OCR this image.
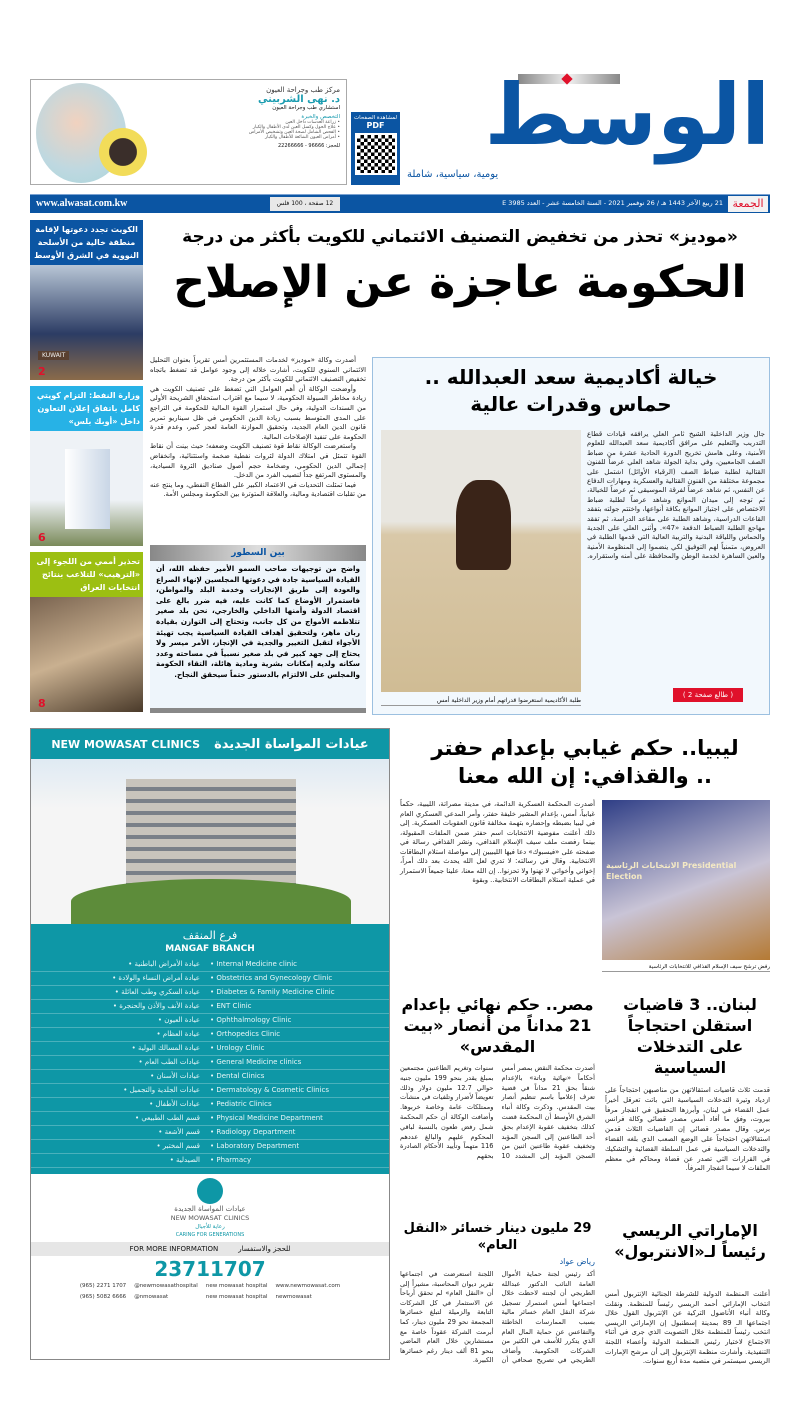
مركز طب وجراحة العيون
د. نهى الشربيني
استشاري طب وجراحة العيون
التخصص والخبرة
• زراعة العدسات داخل العين
• علاج الحول وكسل العين لدى الأطفال والكبار
• الفحص الشامل لصحة العين وتشخيص الأمراض
• أمراض العيون الشائعة للأطفال والكبار
للحجز: 96666 - 22266666
لمشاهدة الصفحات
PDF الوسط
يومية، سياسية، شاملة
www.alwasat.com.kw	12 صفحة ، 100 فلس	21 ربيع الآخر 1443 هـ / 26 نوفمبر 2021 - السنة الخامسة عشر - العدد E 3985 الجمعة
الكويت تجدد دعوتها لإقامة منطقة خالية من الأسلحة النووية في الشرق الأوسط
KUWAIT
2
وزارة النفط: التزام كويتي كامل باتفاق إعلان التعاون داخل «أوبك بلس»
6
تحذير أممي من اللجوء إلى «الترهيب» للتلاعب بنتائج انتخابات العراق
8
«موديز» تحذر من تخفيض التصنيف الائتماني للكويت بأكثر من درجة
الحكومة عاجزة عن الإصلاح

أصدرت وكالة «موديز» لخدمات المستثمرين أمس تقريراً بعنوان التحليل الائتماني السنوي للكويت، أشارت خلاله إلى وجود عوامل قد تضغط باتجاه تخفيض التصنيف الائتماني للكويت بأكثر من درجة.

وأوضحت الوكالة أن أهم العوامل التي تضغط على تصنيف الكويت هي زيادة مخاطر السيولة الحكومية، لا سيما مع اقتراب استحقاق الشريحة الأولى من السندات الدولية، وفي حال استمرار القوة المالية للحكومة في التراجع على المدى المتوسط بسبب زيادة الدين الحكومي في ظل سيناريو تمرير قانون الدين العام الجديد، وتحقيق الموازنة العامة لعجز كبير، وعدم قدرة الحكومة على تنفيذ الإصلاحات المالية.

واستعرضت الوكالة نقاط قوة تصنيف الكويت وضعفه؛ حيث بينت أن نقاط القوة تتمثل في امتلاك الدولة لثروات نفطية ضخمة واستثنائية، وانخفاض إجمالي الدين الحكومي، وضخامة حجم أصول صناديق الثروة السيادية، والمستوى المرتفع جداً لنصيب الفرد من الدخل.

فيما تمثلت التحديات في الاعتماد الكبير على القطاع النفطي، وما ينتج عنه من تقلبات اقتصادية ومالية، والعلاقة المتوترة بين الحكومة ومجلس الأمة.

بين السطور
واضح من توجيهات صاحب السمو الأمير حفظه الله، أن القيادة السياسية جادة في دعوتها المجلسين لإنهاء الصراع والعودة إلى طريق الإنجازات وخدمة البلد والمواطن، فاستمرار الأوضاع كما كانت عليه، فيه ضرر بالغ على اقتصاد الدولة وأمنها الداخلي والخارجي، نحن بلد صغير تتلاطمه الأمواج من كل جانب، وتحتاج إلى التوازن بقيادة ربان ماهر، ولتحقيق أهداف القيادة السياسية يجب تهيئة الأجواء لتقبل التغيير والجدية في الإنجاز، الأمر ميسر ولا يحتاج إلى جهد كبير في بلد صغير نسبياً في مساحته وعدد سكانه ولديه إمكانات بشرية ومادية هائلة، التقاء الحكومة والمجلس على الالتزام بالدستور حتماً سيحقق النجاح.
خيالة أكاديمية سعد العبدالله ..
حماس وقدرات عالية
طلبة الأكاديمية استعرضوا قدراتهم أمام وزير الداخلية أمس
جال وزير الداخلية الشيخ ثامر العلي يرافقه قيادات قطاع التدريب والتعليم على مرافق أكاديمية سعد العبدالله للعلوم الأمنية، وعلى هامش تخريج الدورة الحادية عشرة من ضباط الصف الجامعيين، وفي بداية الجولة شاهد العلي عرضاً للفنون القتالية لطلبة ضباط الصف (الرقباء الأوائل) اشتمل على مجموعة مختلفة من الفنون القتالية والعسكرية ومهارات الدفاع عن النفس، ثم شاهد عرضاً لفرقة الموسيقى ثم عرضاً للخيالة، ثم توجه إلى ميدان الموانع وشاهد عرضاً لطلبة ضباط الاختصاص على اجتياز الموانع بكافة أنواعها، واختتم جولته بتفقد القاعات الدراسية، وشاهد الطلبة على مقاعد الدراسة، ثم تفقد مهاجع الطلبة الضباط الدفعة «47». وأثنى العلي على الجدية والحماس واللياقة البدنية والتربية العالية التي قدمها الطلبة في العروض، متمنياً لهم التوفيق لكي ينضموا إلى المنظومة الأمنية والعين الساهرة لخدمة الوطن والمحافظة على أمنه واستقراره.
( طالع صفحة 2 )
NEW MOWASAT CLINICS عيادات المواساة الجديدة
فرع المنقف
MANGAF BRANCH
عيادة الأمراض الباطنية • • Internal Medicine clinic
عيادة أمراض النساء والولادة • • Obstetrics and Gynecology Clinic
عيادة السكري وطب العائلة • • Diabetes & Family Medicine Clinic
عيادة الأنف والأذن والحنجرة • • ENT Clinic
عيادة العيون • • Ophthalmology Clinic
عيادة العظام • • Orthopedics Clinic
عيادة المسالك البولية • • Urology Clinic
عيادات الطب العام • • General Medicine clinics
عيادات الأسنان • • Dental Clinics
عيادات الجلدية والتجميل • • Dermatology & Cosmetic Clinics
عيادات الأطفال • • Pediatric Clinics
قسم الطب الطبيعي • • Physical Medicine Department
قسم الأشعة • • Radiology Department
قسم المختبر • • Laboratory Department
الصيدلية • • Pharmacy
عيادات المواساة الجديدة
NEW MOWASAT CLINICS
رعاية للأجيال
CARING FOR GENERATIONS
FOR MORE INFORMATION	للحجز والاستفسار
23711707
(965) 2271 1707 @newmowasathospital new mowasat hospital www.newmowasat.com
(965) 5082 6666 @nmowasat	new mowasat hospital newmowasat
ليبيا.. حكم غيابي بإعدام حفتر
.. والقذافي: إن الله معنا
أصدرت المحكمة العسكرية الدائمة، في مدينة مصراتة، الليبية، حكماً غيابياً، أمس، بإعدام المشير خليفة حفتر، وأمر المدعي العسكري العام في ليبيا بضبطه وإحضاره بتهمة مخالفة قانون العقوبات العسكرية. إلى ذلك أعلنت مفوضية الانتخابات اسم حفتر ضمن الملفات المقبولة، بينما رفضت ملف سيف الإسلام القذافي، ونشر القذافي رسالة في صفحته على «فيسبوك» دعا فيها الليبيين إلى مواصلة استلام البطاقات الانتخابية. وقال في رسالته: لا تدري لعل الله يحدث بعد ذلك أمراً، إخواني وأخواتي لا تهنوا ولا تحزنوا.. إن الله معنا، علينا جميعاً الاستمرار في عملية استلام البطاقات الانتخابية.. وبقوة
الانتخابات الرئاسية Presidential Election
رفض ترشح سيف الإسلام القذافي للانتخابات الرئاسية
مصر.. حكم نهائي بإعدام 21 مداناً من أنصار «بيت المقدس»
أصدرت محكمة النقض بمصر أمس أحكاماً «نهائية وباتة» بالإعدام شنقاً بحق 21 مداناً في قضية تعرف إعلامياً باسم تنظيم أنصار بيت المقدس. وذكرت وكالة أنباء الشرق الأوسط أن المحكمة قضت كذلك بتخفيف عقوبة الإعدام بحق أحد الطاعنين إلى السجن المؤبد وتخفيف عقوبة طاعنين اثنين من السجن المؤبد إلى المشدد 10 سنوات وتغريم الطاعنين مجتمعين بمبلغ يقدر بنحو 199 مليون جنيه حوالي 12.7 مليون دولار وذلك تعويضاً لأضرار وتلفيات في منشآت وممتلكات عامة وخاصة خربوها. وأضافت الوكالة أن حكم المحكمة شمل رفض طعون بالنسبة لباقي المحكوم عليهم والبالغ عددهم 116 متهماً وتأييد الأحكام الصادرة بحقهم
لبنان.. 3 قاضيات استقلن احتجاجاً على التدخلات السياسية
قدمت ثلاث قاضيات استقالاتهن من مناصبهن احتجاجاً على ازدياد وتيرة التدخلات السياسية التي باتت تعرقل أخيراً عمل القضاء في لبنان، وأبرزها التحقيق في انفجار مرفأ بيروت، وفق ما أفاد أمس مصدر قضائي وكالة فرانس برس. وقال مصدر قضائي إن القاضيات الثلاث قدمن استقالاتهن احتجاجاً على الوضع الصعب الذي بلغه القضاء والتدخلات السياسية في عمل السلطة القضائية والتشكيك في القرارات التي تصدر عن قضاة ومحاكم في معظم الملفات لا سيما انفجار المرفأ.
29 مليون دينار خسائر «النقل العام»
رياض عواد
أكد رئيس لجنة حماية الأموال العامة النائب الدكتور عبدالله الطريجي أن لجنته لاحظت خلال اجتماعها أمس استمرار تسجيل شركة النقل العام خسائر مالية بسبب الممارسات الخاطئة والتقاعس عن حماية المال العام الذي يتكرر للأسف في الكثير من الشركات الحكومية. وأضاف الطريجي في تصريح صحافي أن اللجنة استعرضت في اجتماعها تقرير ديوان المحاسبة، مشيراً إلى أن «النقل العام» لم تحقق أرباحاً عن الاستثمار في كل الشركات التابعة والزميلة لتبلغ خسائرها المجمعة نحو 29 مليون دينار، كما أبرمت الشركة عقوداً خاصة مع مستشارين خلال العام الماضي بنحو 81 ألف دينار رغم خسائرها الكبيرة.
الإماراتي الريسي رئيساً لـ«الانتربول»
أعلنت المنظمة الدولية للشرطة الجنائية الإنتربول أمس انتخاب الإماراتي أحمد الريسي رئيساً للمنظمة. ونقلت وكالة أنباء الأناضول التركية عن الإنتربول القول خلال اجتماعها الـ 89 بمدينة إسطنبول إن الإماراتي الريسي انتخب رئيساً للمنظمة خلال التصويت الذي جرى في أثناء الاجتماع لاختيار رئيس المنظمة الدولية وأعضاء اللجنة التنفيذية. وأشارت منظمة الإنتربول إلى أن مرشح الإمارات الريسي سيستمر في منصبه مدة أربع سنوات.
